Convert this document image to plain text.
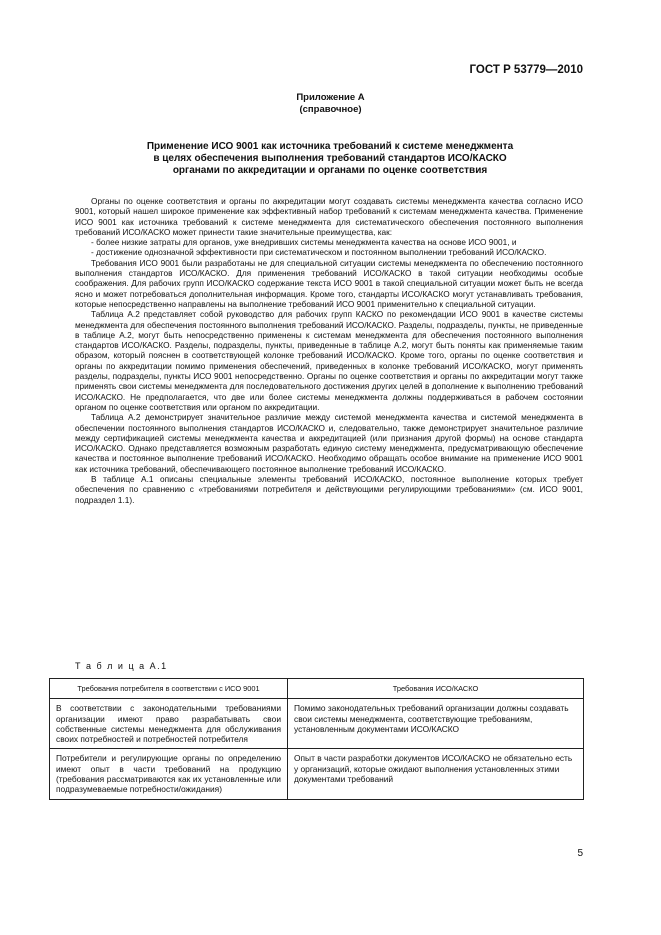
ГОСТ Р 53779—2010
Приложение А
(справочное)
Применение ИСО 9001 как источника требований к системе менеджмента
в целях обеспечения выполнения требований стандартов ИСО/КАСКО
органами по аккредитации и органами по оценке соответствия

Органы по оценке соответствия и органы по аккредитации могут создавать системы менеджмента качества согласно ИСО 9001, который нашел широкое применение как эффективный набор требований к системам менеджмента качества. Применение ИСО 9001 как источника требований к системе менеджмента для систематического обеспечения постоянного выполнения требований ИСО/КАСКО может принести такие значительные преимущества, как:

- более низкие затраты для органов, уже внедривших системы менеджмента качества на основе ИСО 9001, и

- достижение однозначной эффективности при систематическом и постоянном выполнении требований ИСО/КАСКО.

Требования ИСО 9001 были разработаны не для специальной ситуации системы менеджмента по обеспечению постоянного выполнения стандартов ИСО/КАСКО. Для применения требований ИСО/КАСКО в такой ситуации необходимы особые соображения. Для рабочих групп ИСО/КАСКО содержание текста ИСО 9001 в такой специальной ситуации может быть не всегда ясно и может потребоваться дополнительная информация. Кроме того, стандарты ИСО/КАСКО могут устанавливать требования, которые непосредственно направлены на выполнение требований ИСО 9001 применительно к специальной ситуации.

Таблица А.2 представляет собой руководство для рабочих групп КАСКО по рекомендации ИСО 9001 в качестве системы менеджмента для обеспечения постоянного выполнения требований ИСО/КАСКО. Разделы, подразделы, пункты, не приведенные в таблице А.2, могут быть непосредственно применены к системам менеджмента для обеспечения постоянного выполнения стандартов ИСО/КАСКО. Разделы, подразделы, пункты, приведенные в таблице А.2, могут быть поняты как применяемые таким образом, который пояснен в соответствующей колонке требований ИСО/КАСКО. Кроме того, органы по оценке соответствия и органы по аккредитации помимо применения обеспечений, приведенных в колонке требований ИСО/КАСКО, могут применять разделы, подразделы, пункты ИСО 9001 непосредственно. Органы по оценке соответствия и органы по аккредитации могут также применять свои системы менеджмента для последовательного достижения других целей в дополнение к выполнению требований ИСО/КАСКО. Не предполагается, что две или более системы менеджмента должны поддерживаться в рабочем состоянии органом по оценке соответствия или органом по аккредитации.

Таблица А.2 демонстрирует значительное различие между системой менеджмента качества и системой менеджмента в обеспечении постоянного выполнения стандартов ИСО/КАСКО и, следовательно, также демонстрирует значительное различие между сертификацией системы менеджмента качества и аккредитацией (или признания другой формы) на основе стандарта ИСО/КАСКО. Однако представляется возможным разработать единую систему менеджмента, предусматривающую обеспечение качества и постоянное выполнение требований ИСО/КАСКО. Необходимо обращать особое внимание на применение ИСО 9001 как источника требований, обеспечивающего постоянное выполнение требований ИСО/КАСКО.

В таблице А.1 описаны специальные элементы требований ИСО/КАСКО, постоянное выполнение которых требует обеспечения по сравнению с «требованиями потребителя и действующими регулирующими требованиями» (см. ИСО 9001, подраздел 1.1).

Т а б л и ц а А.1
Требования потребителя в соответствии с ИСО 9001	Требования ИСО/КАСКО
В соответствии с законодательными требованиями организации имеют право разрабатывать свои собственные системы менеджмента для обслуживания своих потребностей и потребностей потребителя	Помимо законодательных требований организации должны создавать свои системы менеджмента, соответствующие требованиям, установленным документами ИСО/КАСКО
Потребители и регулирующие органы по определению имеют опыт в части требований на продукцию (требования рассматриваются как их установленные или подразумеваемые потребности/ожидания)	Опыт в части разработки документов ИСО/КАСКО не обязательно есть у организаций, которые ожидают выполнения установленных этими документами требований
5
